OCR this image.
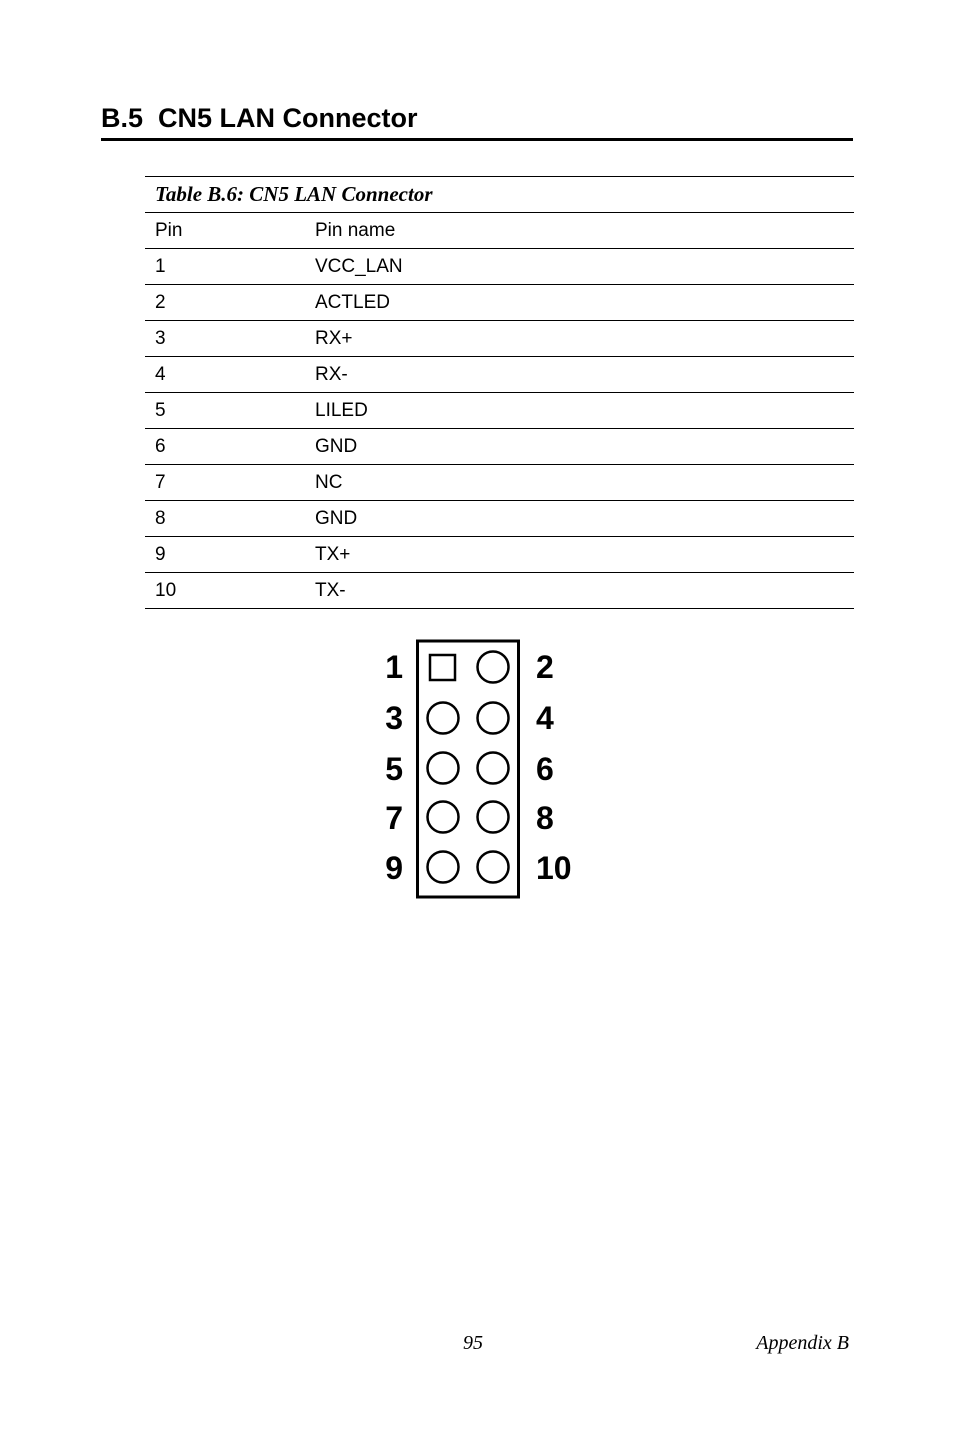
B.5 CN5 LAN Connector
Table B.6: CN5 LAN Connector	
Pin	Pin name
1	VCC_LAN
2	ACTLED
3	RX+
4	RX-
5	LILED
6	GND
7	NC
8	GND
9	TX+
10	TX-
1
3
5
7
9
2
4
6
8
10
95	Appendix B
